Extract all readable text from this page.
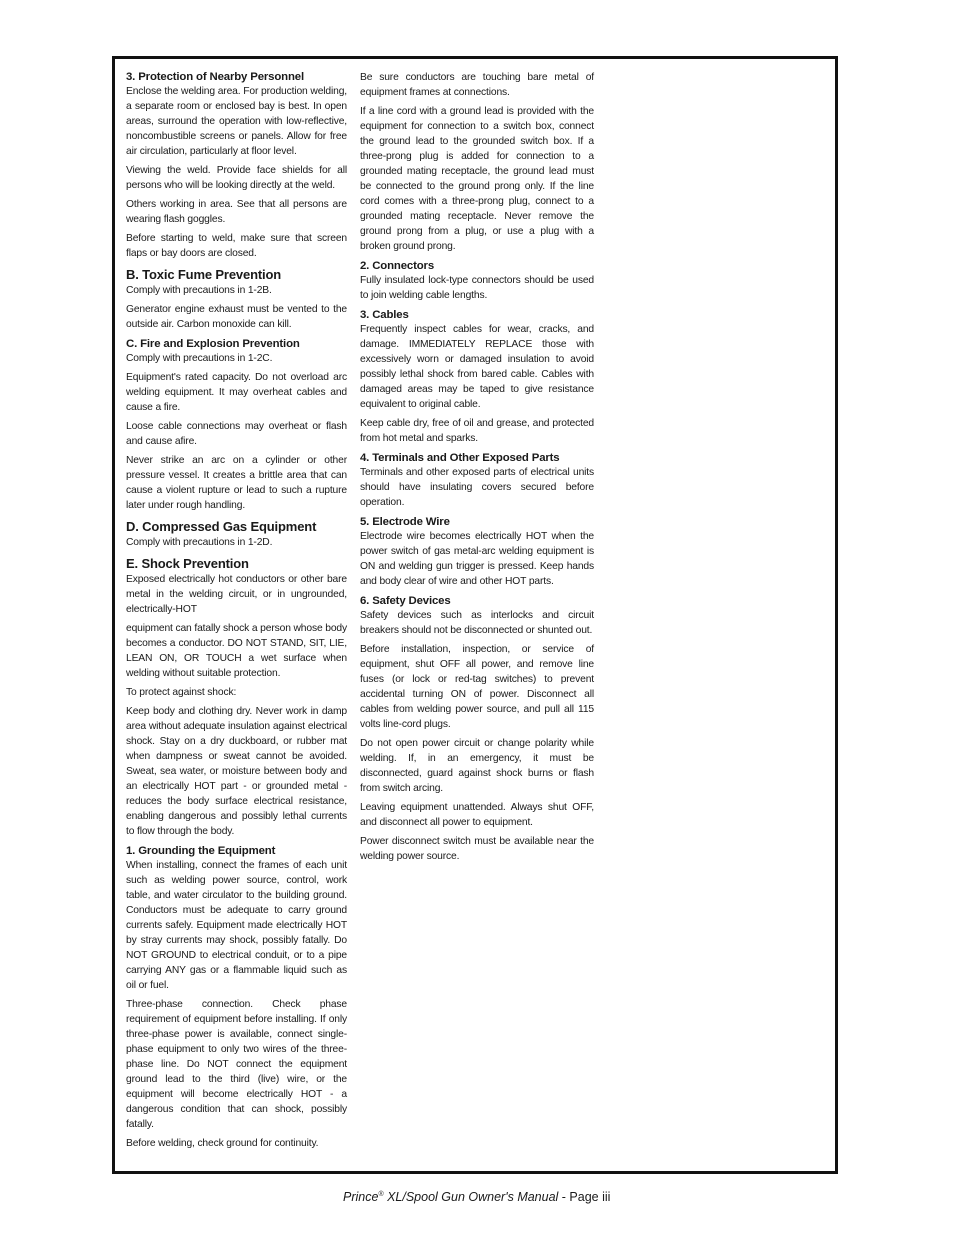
3. Protection of Nearby Personnel
Enclose the welding area. For production welding, a separate room or enclosed bay is best. In open areas, surround the operation with low-reflective, noncombustible screens or panels. Allow for free air circulation, particularly at floor level.
Viewing the weld. Provide face shields for all persons who will be looking directly at the weld.
Others working in area. See that all persons are wearing flash goggles.
Before starting to weld, make sure that screen flaps or bay doors are closed.
B. Toxic Fume Prevention
Comply with precautions in 1-2B.
Generator engine exhaust must be vented to the outside air. Carbon monoxide can kill.
C. Fire and Explosion Prevention
Comply with precautions in 1-2C.
Equipment's rated capacity. Do not overload arc welding equipment. It may overheat cables and cause a fire.
Loose cable connections may overheat or flash and cause afire.
Never strike an arc on a cylinder or other pressure vessel. It creates a brittle area that can cause a violent rupture or lead to such a rupture later under rough handling.
D. Compressed Gas Equipment
Comply with precautions in 1-2D.
E. Shock Prevention
Exposed electrically hot conductors or other bare metal in the welding circuit, or in ungrounded, electrically-HOT
equipment can fatally shock a person whose body becomes a conductor. DO NOT STAND, SIT, LIE, LEAN ON, OR TOUCH a wet surface when welding without suitable protection.
To protect against shock:
Keep body and clothing dry. Never work in damp area without adequate insulation against electrical shock. Stay on a dry duckboard, or rubber mat when dampness or sweat cannot be avoided. Sweat, sea water, or moisture between body and an electrically HOT part - or grounded metal - reduces the body surface electrical resistance, enabling dangerous and possibly lethal currents to flow through the body.
1. Grounding the Equipment
When installing, connect the frames of each unit such as welding power source, control, work table, and water circulator to the building ground. Conductors must be adequate to carry ground currents safely. Equipment made electrically HOT by stray currents may shock, possibly fatally. Do NOT GROUND to electrical conduit, or to a pipe carrying ANY gas or a flammable liquid such as oil or fuel.
Three-phase connection. Check phase requirement of equipment before installing. If only three-phase power is available, connect single-phase equipment to only two wires of the three-phase line. Do NOT connect the equipment ground lead to the third (live) wire, or the equipment will become electrically HOT - a dangerous condition that can shock, possibly fatally.
Before welding, check ground for continuity.
Be sure conductors are touching bare metal of equipment frames at connections.
If a line cord with a ground lead is provided with the equipment for connection to a switch box, connect the ground lead to the grounded switch box. If a three-prong plug is added for connection to a grounded mating receptacle, the ground lead must be connected to the ground prong only. If the line cord comes with a three-prong plug, connect to a grounded mating receptacle. Never remove the ground prong from a plug, or use a plug with a broken ground prong.
2. Connectors
Fully insulated lock-type connectors should be used to join welding cable lengths.
3. Cables
Frequently inspect cables for wear, cracks, and damage. IMMEDIATELY REPLACE those with excessively worn or damaged insulation to avoid possibly lethal shock from bared cable. Cables with damaged areas may be taped to give resistance equivalent to original cable.
Keep cable dry, free of oil and grease, and protected from hot metal and sparks.
4. Terminals and Other Exposed Parts
Terminals and other exposed parts of electrical units should have insulating covers secured before operation.
5. Electrode Wire
Electrode wire becomes electrically HOT when the power switch of gas metal-arc welding equipment is ON and welding gun trigger is pressed. Keep hands and body clear of wire and other HOT parts.
6. Safety Devices
Safety devices such as interlocks and circuit breakers should not be disconnected or shunted out.
Before installation, inspection, or service of equipment, shut OFF all power, and remove line fuses (or lock or red-tag switches) to prevent accidental turning ON of power. Disconnect all cables from welding power source, and pull all 115 volts line-cord plugs.
Do not open power circuit or change polarity while welding. If, in an emergency, it must be disconnected, guard against shock burns or flash from switch arcing.
Leaving equipment unattended. Always shut OFF, and disconnect all power to equipment.
Power disconnect switch must be available near the welding power source.
Prince® XL/Spool Gun Owner's Manual - Page iii
